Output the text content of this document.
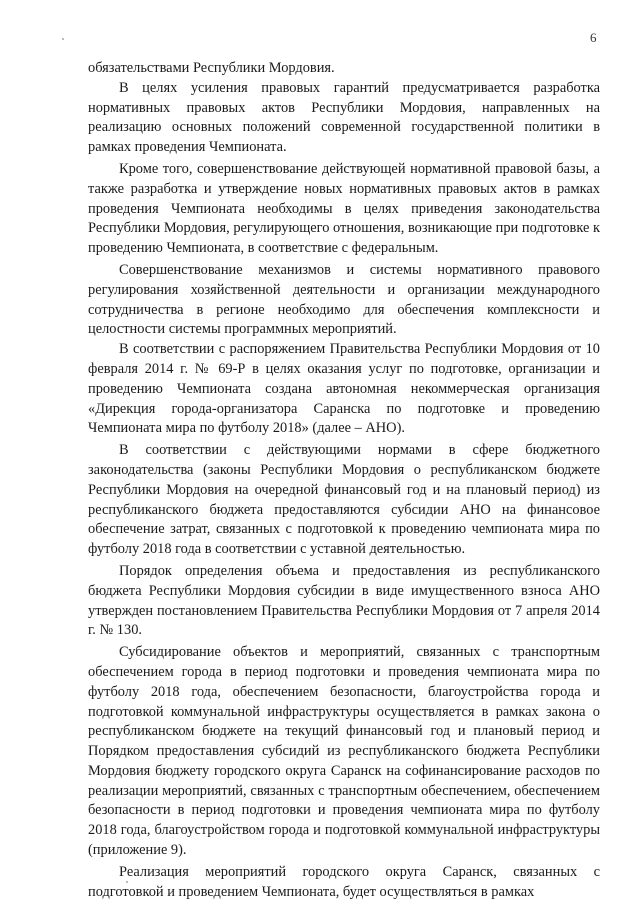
6

обязательствами Республики Мордовия.

В целях усиления правовых гарантий предусматривается разработка нормативных правовых актов Республики Мордовия, направленных на реализацию основных положений современной государственной политики в рамках проведения Чемпионата.

Кроме того, совершенствование действующей нормативной правовой базы, а также разработка и утверждение новых нормативных правовых актов в рамках проведения Чемпионата необходимы в целях приведения законодательства Республики Мордовия, регулирующего отношения, возникающие при подготовке к проведению Чемпионата, в соответствие с федеральным.

Совершенствование механизмов и системы нормативного правового регулирования хозяйственной деятельности и организации международного сотрудничества в регионе необходимо для обеспечения комплексности и целостности системы программных мероприятий.

В соответствии с распоряжением Правительства Республики Мордовия от 10 февраля 2014 г. № 69-Р в целях оказания услуг по подготовке, организации и проведению Чемпионата создана автономная некоммерческая организация «Дирекция города-организатора Саранска по подготовке и проведению Чемпионата мира по футболу 2018» (далее – АНО).

В соответствии с действующими нормами в сфере бюджетного законодательства (законы Республики Мордовия о республиканском бюджете Республики Мордовия на очередной финансовый год и на плановый период) из республиканского бюджета предоставляются субсидии АНО на финансовое обеспечение затрат, связанных с подготовкой к проведению чемпионата мира по футболу 2018 года в соответствии с уставной деятельностью.

Порядок определения объема и предоставления из республиканского бюджета Республики Мордовия субсидии в виде имущественного взноса АНО утвержден постановлением Правительства Республики Мордовия от 7 апреля 2014 г. № 130.

Субсидирование объектов и мероприятий, связанных с транспортным обеспечением города в период подготовки и проведения чемпионата мира по футболу 2018 года, обеспечением безопасности, благоустройства города и подготовкой коммунальной инфраструктуры осуществляется в рамках закона о республиканском бюджете на текущий финансовый год и плановый период и Порядком предоставления субсидий из республиканского бюджета Республики Мордовия бюджету городского округа Саранск на софинансирование расходов по реализации мероприятий, связанных с транспортным обеспечением, обеспечением безопасности в период подготовки и проведения чемпионата мира по футболу 2018 года, благоустройством города и подготовкой коммунальной инфраструктуры (приложение 9).

Реализация мероприятий городского округа Саранск, связанных с подготовкой и проведением Чемпионата, будет осуществляться в рамках
